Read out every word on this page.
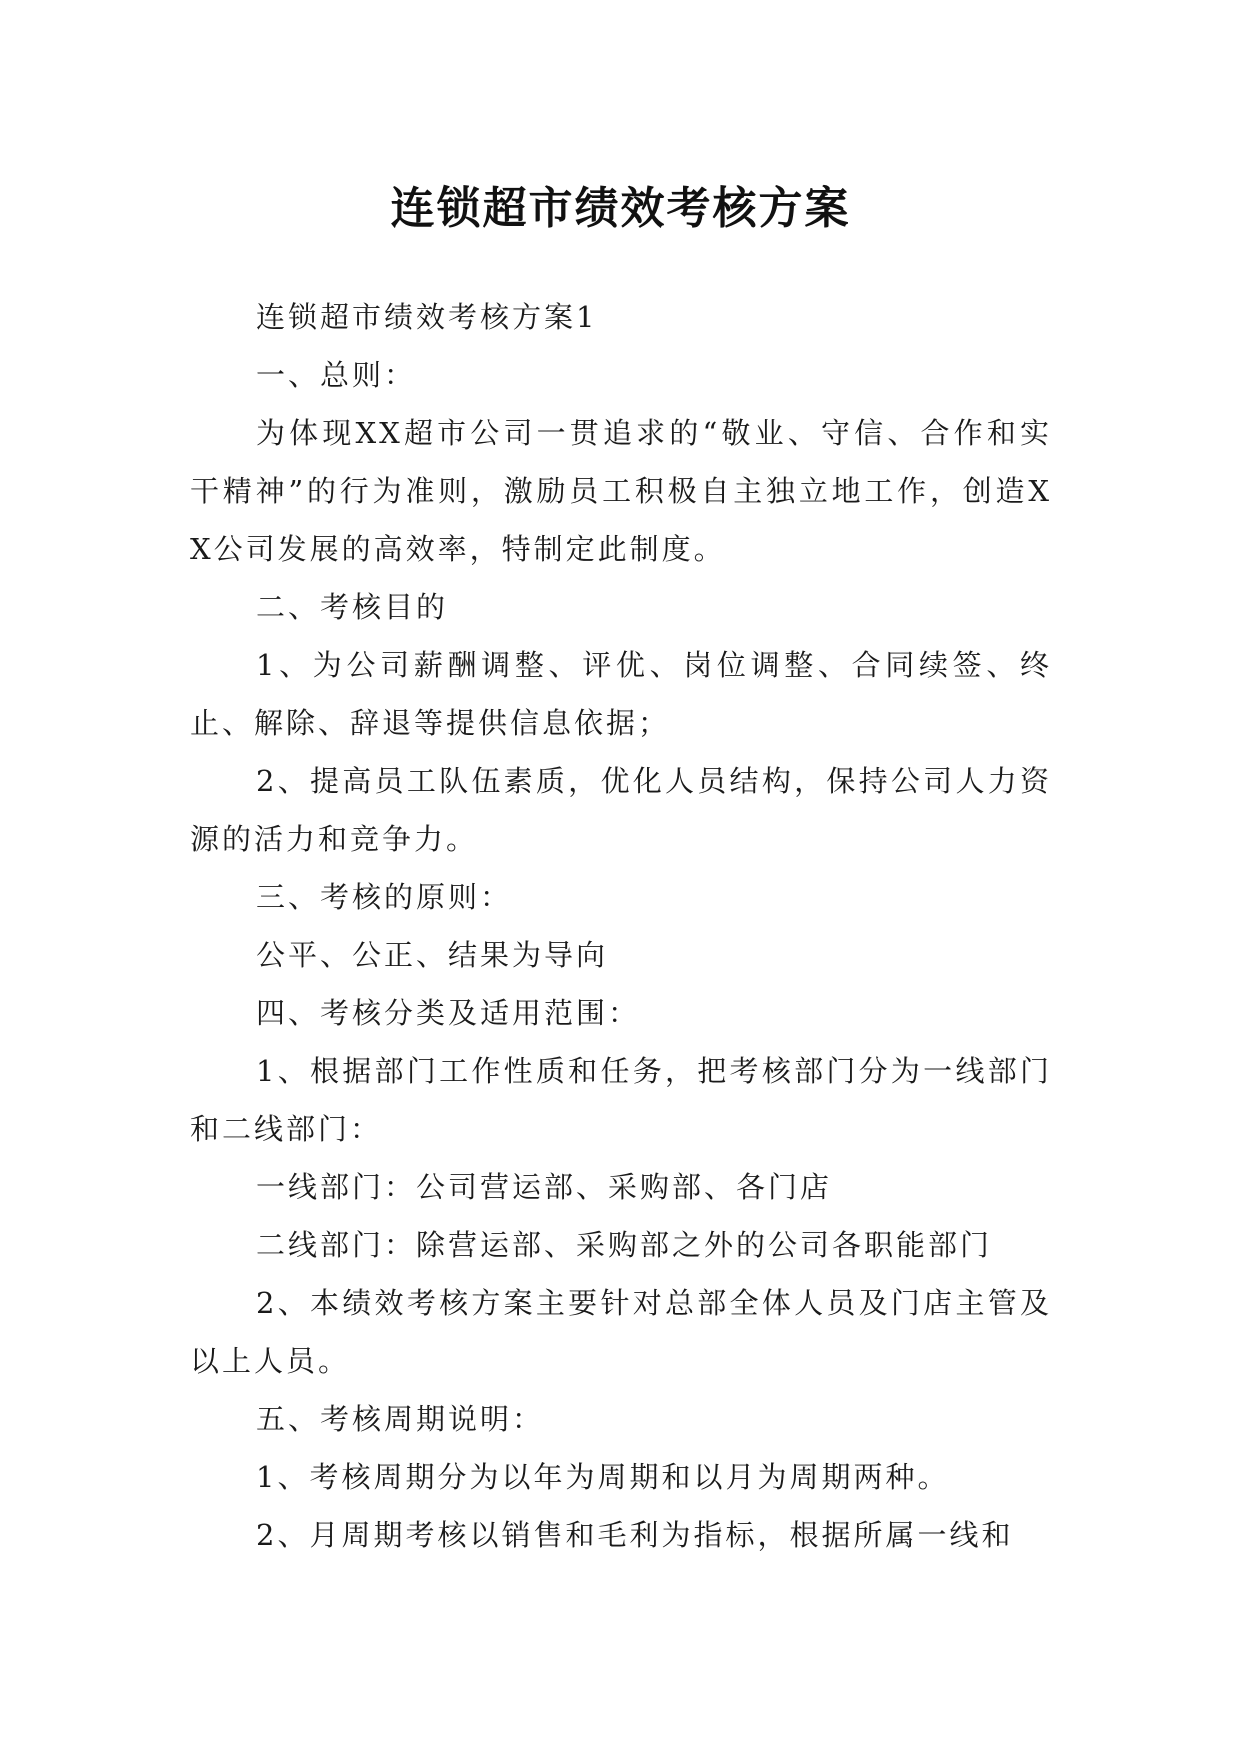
连锁超市绩效考核方案

连锁超市绩效考核方案1

一、总则：

为体现XX超市公司一贯追求的“敬业、守信、合作和实干精神”的行为准则，激励员工积极自主独立地工作，创造XX公司发展的高效率，特制定此制度。

二、考核目的

1、为公司薪酬调整、评优、岗位调整、合同续签、终止、解除、辞退等提供信息依据；

2、提高员工队伍素质，优化人员结构，保持公司人力资源的活力和竞争力。

三、考核的原则：

公平、公正、结果为导向

四、考核分类及适用范围：

1、根据部门工作性质和任务，把考核部门分为一线部门和二线部门：

一线部门：公司营运部、采购部、各门店

二线部门：除营运部、采购部之外的公司各职能部门

2、本绩效考核方案主要针对总部全体人员及门店主管及以上人员。

五、考核周期说明：

1、考核周期分为以年为周期和以月为周期两种。

2、月周期考核以销售和毛利为指标，根据所属一线和
